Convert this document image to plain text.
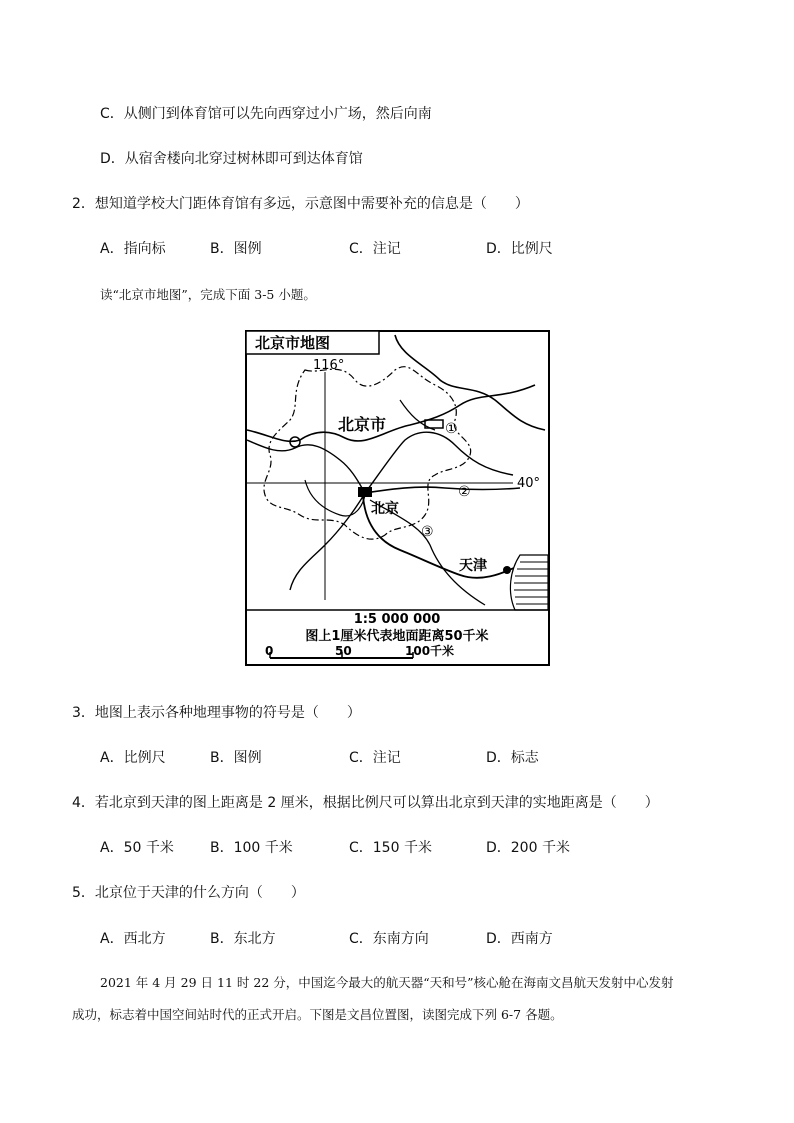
C．从侧门到体育馆可以先向西穿过小广场，然后向南
D．从宿舍楼向北穿过树林即可到达体育馆
2．想知道学校大门距体育馆有多远，示意图中需要补充的信息是（　　）
A．指向标	B．图例	C．注记	D．比例尺
读“北京市地图”，完成下面 3-5 小题。
北京市地图
116°
40°
北京市
北京
天津
①
②
③
1:5 000 000
图上1厘米代表地面距离50千米
0	50	100千米
3．地图上表示各种地理事物的符号是（　　）
A．比例尺	B．图例	C．注记	D．标志
4．若北京到天津的图上距离是 2 厘米，根据比例尺可以算出北京到天津的实地距离是（　　）
A．50 千米	B．100 千米	C．150 千米	D．200 千米
5．北京位于天津的什么方向（　　）
A．西北方	B．东北方	C．东南方向	D．西南方
2021 年 4 月 29 日 11 时 22 分，中国迄今最大的航天器“天和号”核心舱在海南文昌航天发射中心发射
成功，标志着中国空间站时代的正式开启。下图是文昌位置图，读图完成下列 6-7 各题。
